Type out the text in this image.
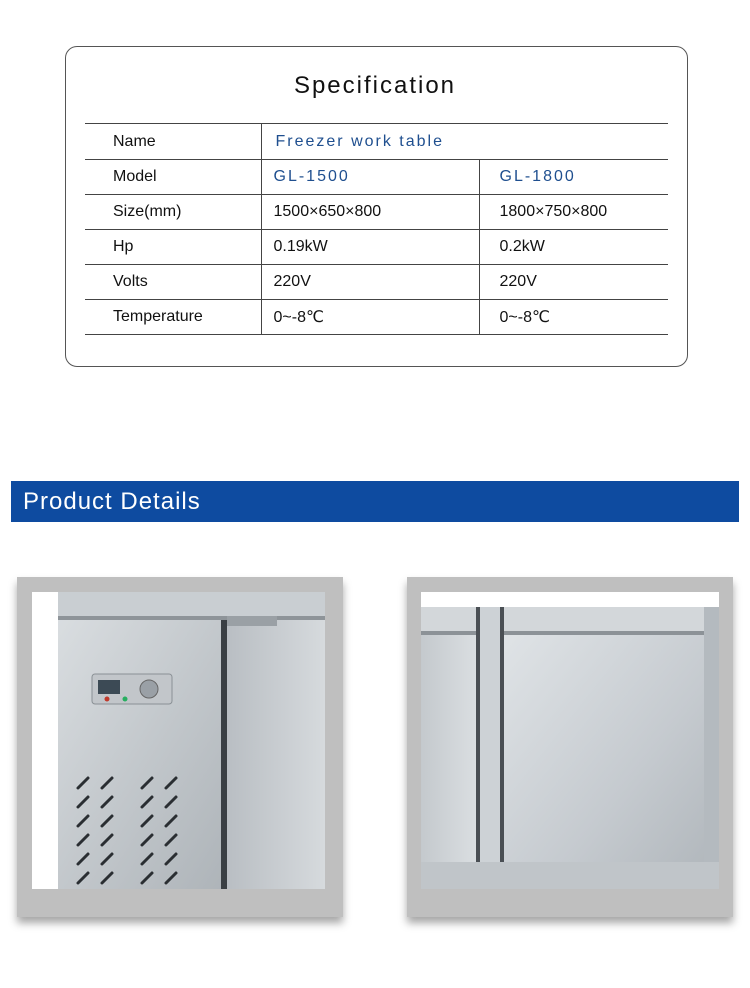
Specification
Name	Freezer work table	
Model	GL-1500	GL-1800
Size(mm)	1500×650×800	1800×750×800
Hp	0.19kW	0.2kW
Volts	220V	220V
Temperature	0~-8℃	0~-8℃
Product Details
